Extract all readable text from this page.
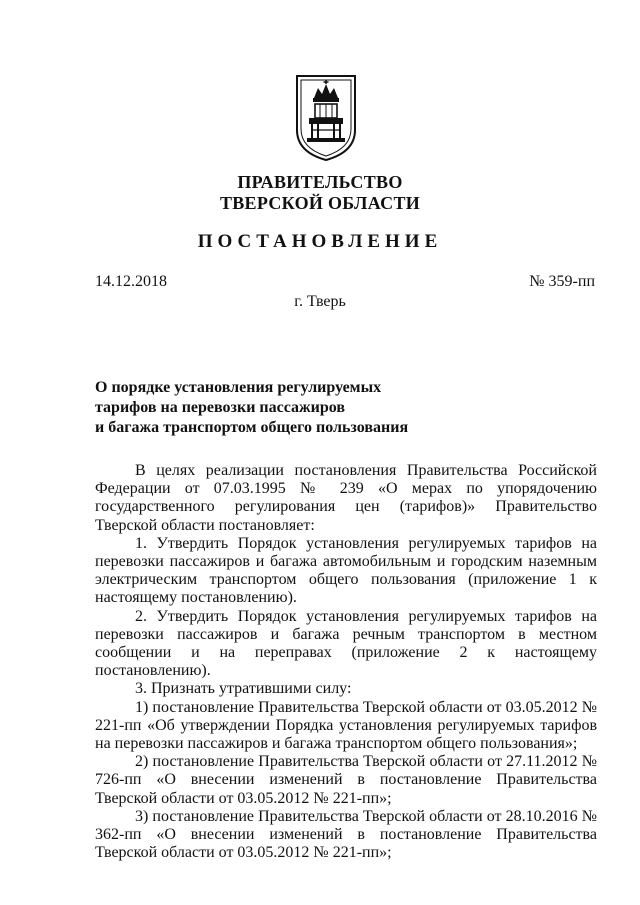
ПРАВИТЕЛЬСТВО
ТВЕРСКОЙ ОБЛАСТИ
ПОСТАНОВЛЕНИЕ
14.12.2018	№ 359-пп
г. Тверь
О порядке установления регулируемых
тарифов на перевозки пассажиров
и багажа транспортом общего пользования

В целях реализации постановления Правительства Российской Федерации от 07.03.1995 № 239 «О мерах по упорядочению государственного регулирования цен (тарифов)» Правительство Тверской области постановляет:

1. Утвердить Порядок установления регулируемых тарифов на перевозки пассажиров и багажа автомобильным и городским наземным электрическим транспортом общего пользования (приложение 1 к настоящему постановлению).

2. Утвердить Порядок установления регулируемых тарифов на перевозки пассажиров и багажа речным транспортом в местном сообщении и на переправах (приложение 2 к настоящему постановлению).

3. Признать утратившими силу:

1) постановление Правительства Тверской области от 03.05.2012 № 221-пп «Об утверждении Порядка установления регулируемых тарифов на перевозки пассажиров и багажа транспортом общего пользования»;

2) постановление Правительства Тверской области от 27.11.2012 № 726-пп «О внесении изменений в постановление Правительства Тверской области от 03.05.2012 № 221-пп»;

3) постановление Правительства Тверской области от 28.10.2016 № 362-пп «О внесении изменений в постановление Правительства Тверской области от 03.05.2012 № 221-пп»;
